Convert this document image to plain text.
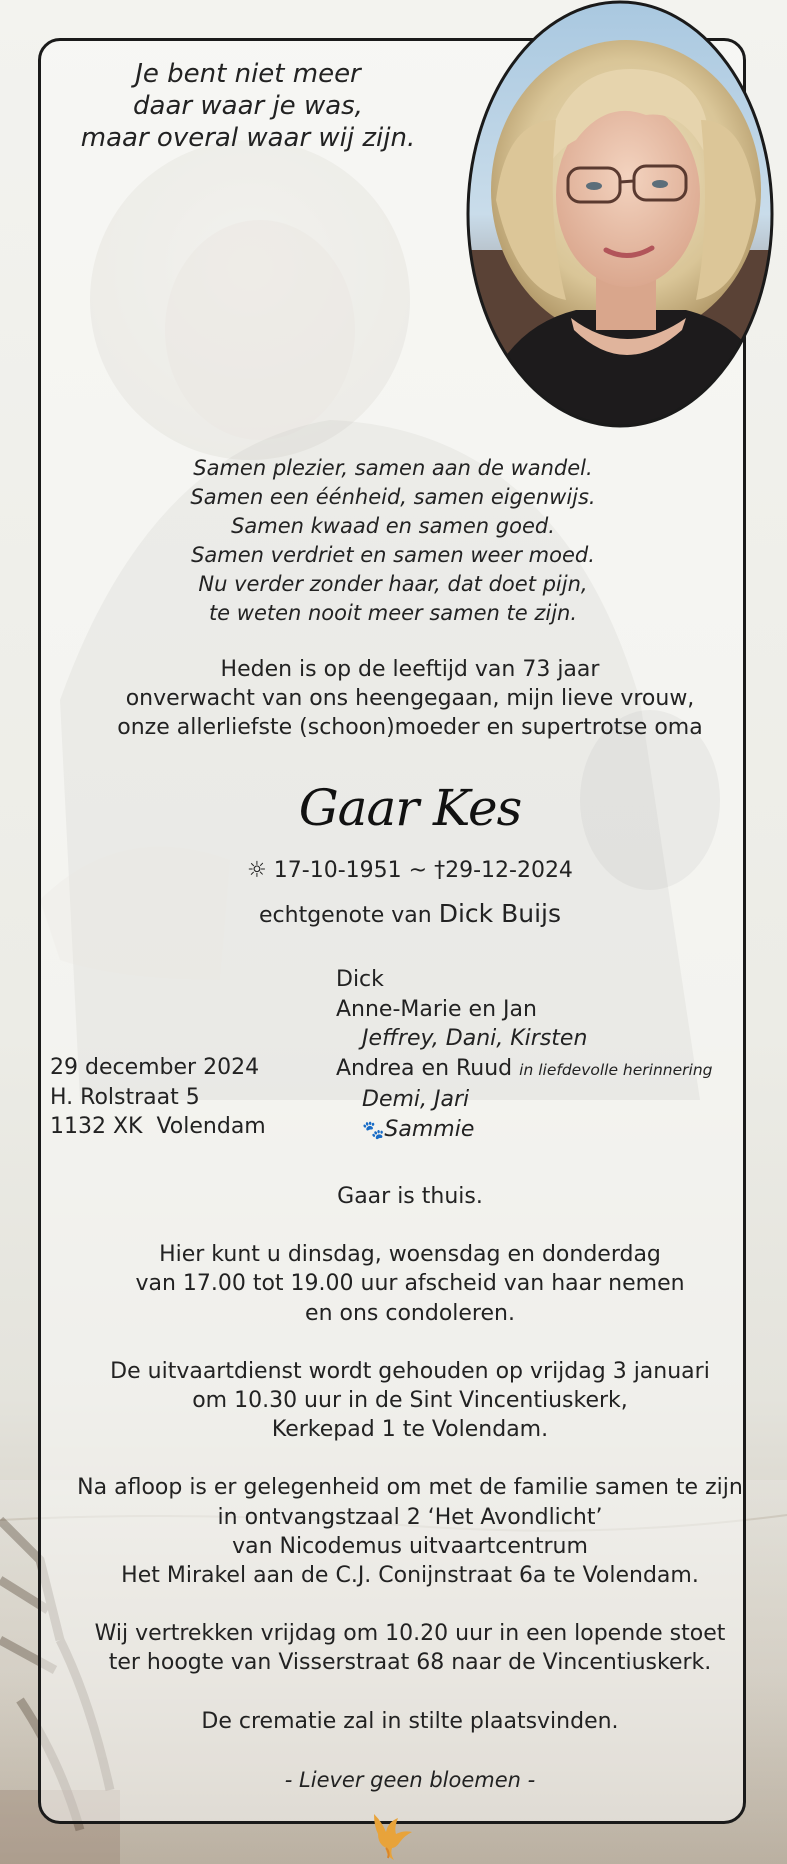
Je bent niet meer
daar waar je was,
maar overal waar wij zijn.
Samen plezier, samen aan de wandel.
Samen een éénheid, samen eigenwijs.
Samen kwaad en samen goed.
Samen verdriet en samen weer moed.
Nu verder zonder haar, dat doet pijn,
te weten nooit meer samen te zijn.
Heden is op de leeftijd van 73 jaar
onverwacht van ons heengegaan, mijn lieve vrouw,
onze allerliefste (schoon)moeder en supertrotse oma
Gaar Kes
☼ 17-10-1951 ~ †29-12-2024
echtgenote van Dick Buijs
Dick
Anne-Marie en Jan
Jeffrey, Dani, Kirsten
Andrea en Ruud in liefdevolle herinnering
Demi, Jari
🐾Sammie
29 december 2024
H. Rolstraat 5
1132 XK  Volendam
Gaar is thuis.
Hier kunt u dinsdag, woensdag en donderdag
van 17.00 tot 19.00 uur afscheid van haar nemen
en ons condoleren.
De uitvaartdienst wordt gehouden op vrijdag 3 januari
om 10.30 uur in de Sint Vincentiuskerk,
Kerkepad 1 te Volendam.
Na afloop is er gelegenheid om met de familie samen te zijn
in ontvangstzaal 2 ‘Het Avondlicht’
van Nicodemus uitvaartcentrum
Het Mirakel aan de C.J. Conijnstraat 6a te Volendam.
Wij vertrekken vrijdag om 10.20 uur in een lopende stoet
ter hoogte van Visserstraat 68 naar de Vincentiuskerk.
De crematie zal in stilte plaatsvinden.
- Liever geen bloemen -
